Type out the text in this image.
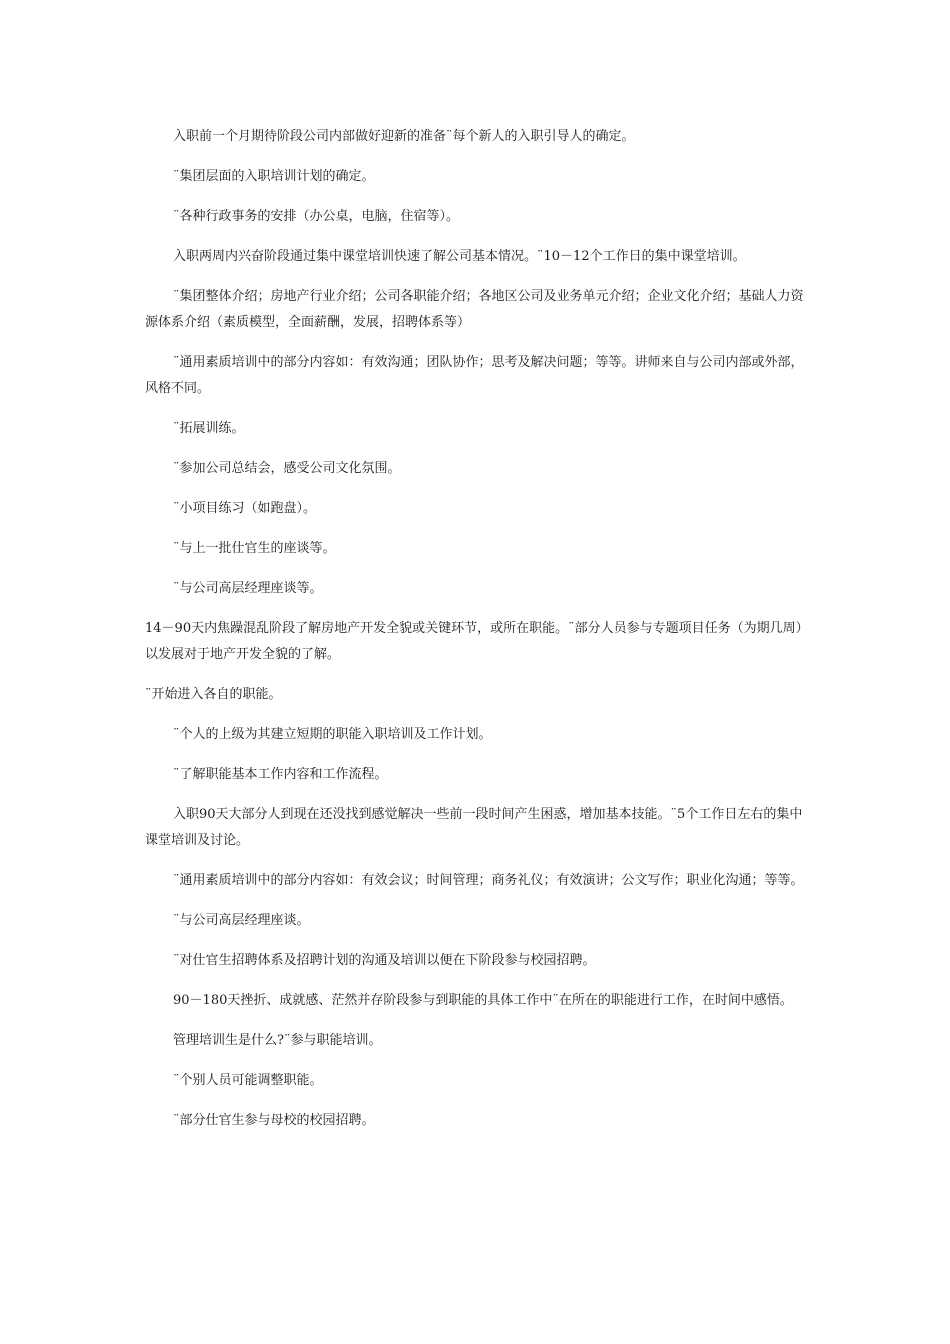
入职前一个月期待阶段公司内部做好迎新的准备¨每个新人的入职引导人的确定。

¨集团层面的入职培训计划的确定。

¨各种行政事务的安排（办公桌，电脑，住宿等）。

入职两周内兴奋阶段通过集中课堂培训快速了解公司基本情况。¨10－12个工作日的集中课堂培训。

¨集团整体介绍；房地产行业介绍；公司各职能介绍；各地区公司及业务单元介绍；企业文化介绍；基础人力资源体系介绍（素质模型，全面薪酬，发展，招聘体系等）

¨通用素质培训中的部分内容如：有效沟通；团队协作；思考及解决问题；等等。讲师来自与公司内部或外部，风格不同。

¨拓展训练。

¨参加公司总结会，感受公司文化氛围。

¨小项目练习（如跑盘）。

¨与上一批仕官生的座谈等。

¨与公司高层经理座谈等。

14－90天内焦躁混乱阶段了解房地产开发全貌或关键环节，或所在职能。¨部分人员参与专题项目任务（为期几周）以发展对于地产开发全貌的了解。

¨开始进入各自的职能。

¨个人的上级为其建立短期的职能入职培训及工作计划。

¨了解职能基本工作内容和工作流程。

入职90天大部分人到现在还没找到感觉解决一些前一段时间产生困惑，增加基本技能。¨5个工作日左右的集中课堂培训及讨论。

¨通用素质培训中的部分内容如：有效会议；时间管理；商务礼仪；有效演讲；公文写作；职业化沟通；等等。

¨与公司高层经理座谈。

¨对仕官生招聘体系及招聘计划的沟通及培训以便在下阶段参与校园招聘。

90－180天挫折、成就感、茫然并存阶段参与到职能的具体工作中¨在所在的职能进行工作，在时间中感悟。

管理培训生是什么?¨参与职能培训。

¨个别人员可能调整职能。

¨部分仕官生参与母校的校园招聘。
